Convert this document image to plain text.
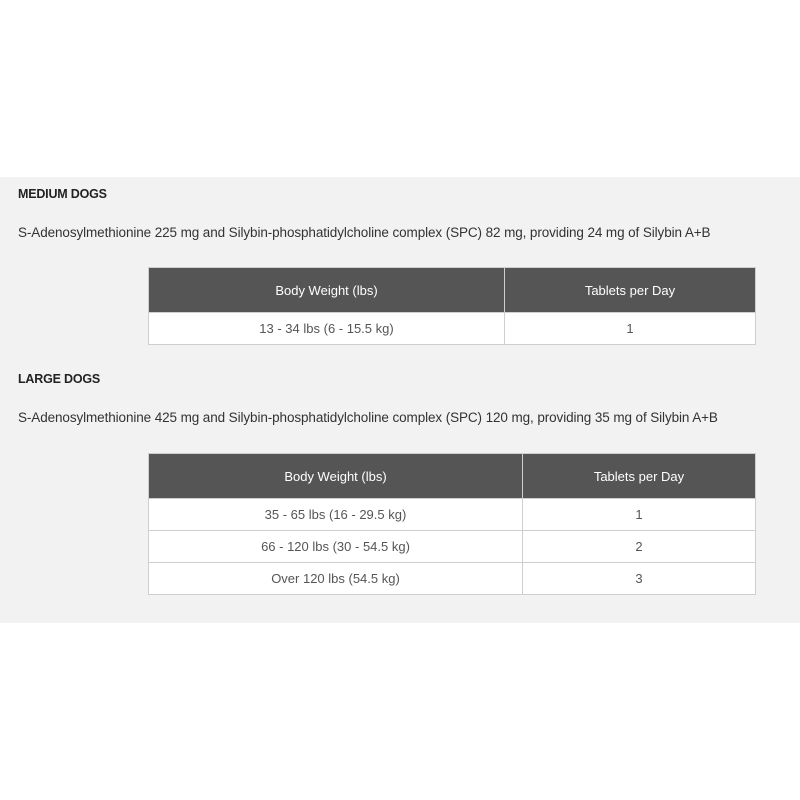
MEDIUM DOGS
S-Adenosylmethionine 225 mg and Silybin-phosphatidylcholine complex (SPC) 82 mg, providing 24 mg of Silybin A+B
Body Weight (lbs)	Tablets per Day
13 - 34 lbs (6 - 15.5 kg)	1
LARGE DOGS
S-Adenosylmethionine 425 mg and Silybin-phosphatidylcholine complex (SPC) 120 mg, providing 35 mg of Silybin A+B
Body Weight (lbs)	Tablets per Day
35 - 65 lbs (16 - 29.5 kg)	1
66 - 120 lbs (30 - 54.5 kg)	2
Over 120 lbs (54.5 kg)	3
